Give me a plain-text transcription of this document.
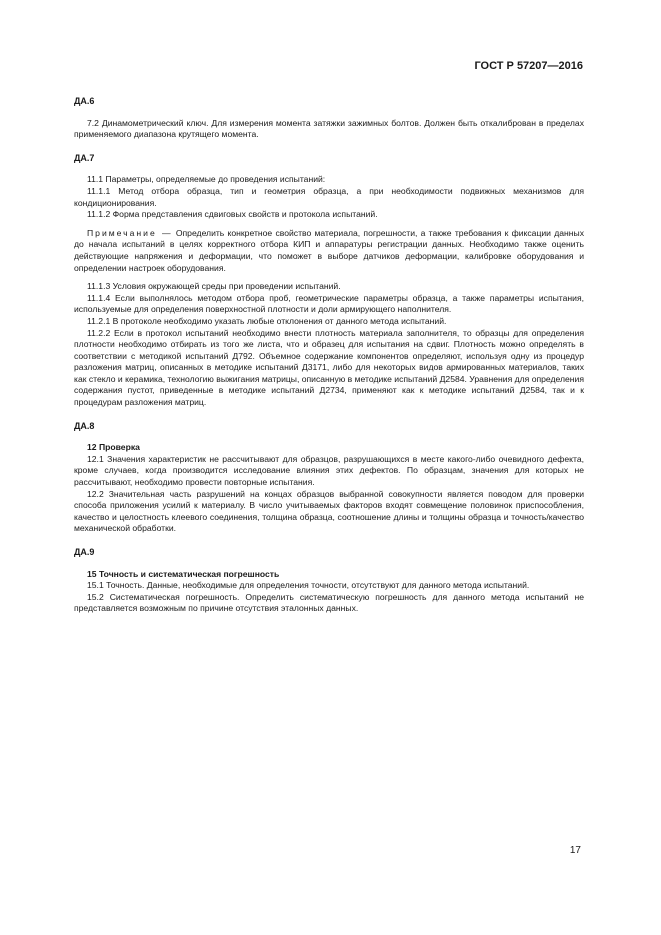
ГОСТ Р 57207—2016

ДА.6

7.2 Динамометрический ключ. Для измерения момента затяжки зажимных болтов. Должен быть откалиброван в пределах применяемого диапазона крутящего момента.

ДА.7

11.1 Параметры, определяемые до проведения испытаний:

11.1.1 Метод отбора образца, тип и геометрия образца, а при необходимости подвижных механизмов для кондиционирования.

11.1.2 Форма представления сдвиговых свойств и протокола испытаний.

Примечание — Определить конкретное свойство материала, погрешности, а также требования к фиксации данных до начала испытаний в целях корректного отбора КИП и аппаратуры регистрации данных. Необходимо также оценить действующие напряжения и деформации, что поможет в выборе датчиков деформации, калибровке оборудования и определении настроек оборудования.

11.1.3 Условия окружающей среды при проведении испытаний.

11.1.4 Если выполнялось методом отбора проб, геометрические параметры образца, а также параметры испытания, используемые для определения поверхностной плотности и доли армирующего наполнителя.

11.2.1 В протоколе необходимо указать любые отклонения от данного метода испытаний.

11.2.2 Если в протокол испытаний необходимо внести плотность материала заполнителя, то образцы для определения плотности необходимо отбирать из того же листа, что и образец для испытания на сдвиг. Плотность можно определять в соответствии с методикой испытаний Д792. Объемное содержание компонентов определяют, используя одну из процедур разложения матриц, описанных в методике испытаний Д3171, либо для некоторых видов армированных материалов, таких как стекло и керамика, технологию выжигания матрицы, описанную в методике испытаний Д2584. Уравнения для определения содержания пустот, приведенные в методике испытаний Д2734, применяют как к методике испытаний Д2584, так и к процедурам разложения матриц.

ДА.8

12 Проверка

12.1 Значения характеристик не рассчитывают для образцов, разрушающихся в месте какого-либо очевидного дефекта, кроме случаев, когда производится исследование влияния этих дефектов. По образцам, значения для которых не рассчитывают, необходимо провести повторные испытания.

12.2 Значительная часть разрушений на концах образцов выбранной совокупности является поводом для проверки способа приложения усилий к материалу. В число учитываемых факторов входят совмещение половинок приспособления, качество и целостность клеевого соединения, толщина образца, соотношение длины и толщины образца и точность/качество механической обработки.

ДА.9

15 Точность и систематическая погрешность

15.1 Точность. Данные, необходимые для определения точности, отсутствуют для данного метода испытаний.

15.2 Систематическая погрешность. Определить систематическую погрешность для данного метода испытаний не представляется возможным по причине отсутствия эталонных данных.

17
